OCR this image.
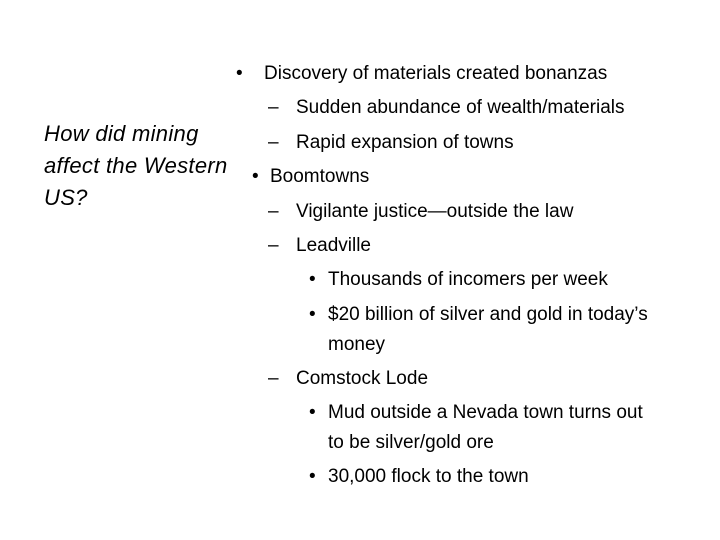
How did mining
affect the Western
US?
• Discovery of materials created bonanzas
– Sudden abundance of wealth/materials
– Rapid expansion of towns
• Boomtowns
– Vigilante justice—outside the law
– Leadville
• Thousands of incomers per week
• $20 billion of silver and gold in today’s
money
– Comstock Lode
• Mud outside a Nevada town turns out
to be silver/gold ore
• 30,000 flock to the town
